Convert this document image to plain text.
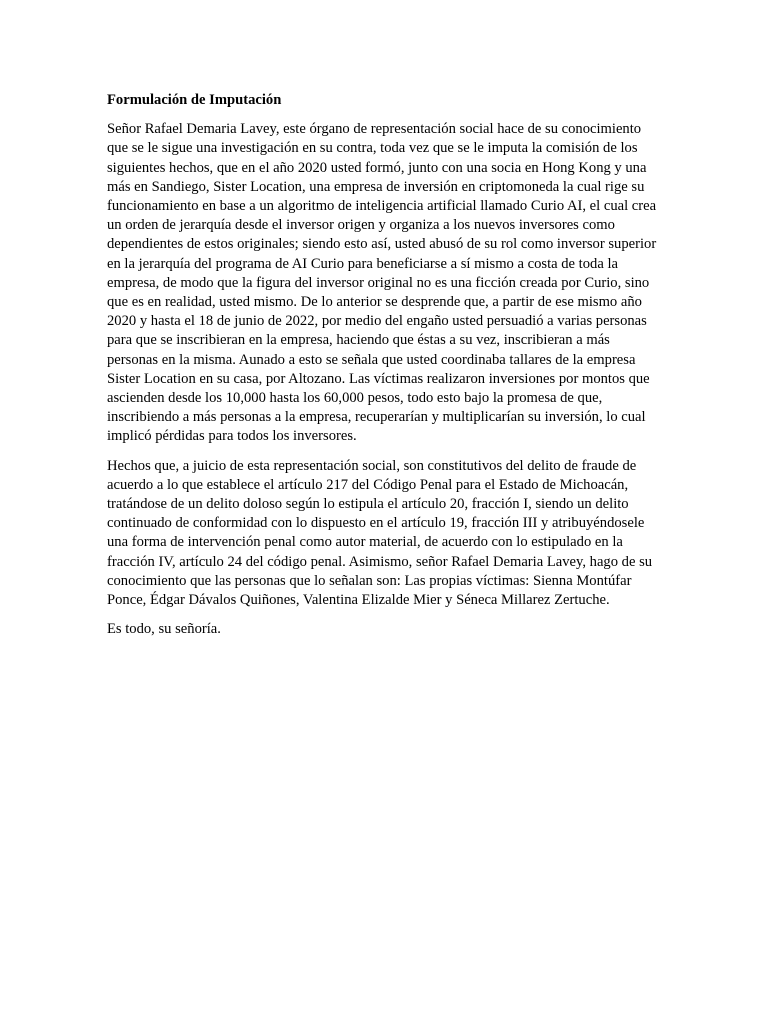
Formulación de Imputación

Señor Rafael Demaria Lavey, este órgano de representación social hace de su conocimiento que se le sigue una investigación en su contra, toda vez que se le imputa la comisión de los siguientes hechos, que en el año 2020 usted formó, junto con una socia en Hong Kong y una más en Sandiego, Sister Location, una empresa de inversión en criptomoneda la cual rige su funcionamiento en base a un algoritmo de inteligencia artificial llamado Curio AI, el cual crea un orden de jerarquía desde el inversor origen y organiza a los nuevos inversores como dependientes de estos originales; siendo esto así, usted abusó de su rol como inversor superior en la jerarquía del programa de AI Curio para beneficiarse a sí mismo a costa de toda la empresa, de modo que la figura del inversor original no es una ficción creada por Curio, sino que es en realidad, usted mismo. De lo anterior se desprende que, a partir de ese mismo año 2020 y hasta el 18 de junio de 2022, por medio del engaño usted persuadió a varias personas para que se inscribieran en la empresa, haciendo que éstas a su vez, inscribieran a más personas en la misma. Aunado a esto se señala que usted coordinaba tallares de la empresa Sister Location en su casa, por Altozano. Las víctimas realizaron inversiones por montos que ascienden desde los 10,000 hasta los 60,000 pesos, todo esto bajo la promesa de que, inscribiendo a más personas a la empresa, recuperarían y multiplicarían su inversión, lo cual implicó pérdidas para todos los inversores.

Hechos que, a juicio de esta representación social, son constitutivos del delito de fraude de acuerdo a lo que establece el artículo 217 del Código Penal para el Estado de Michoacán, tratándose de un delito doloso según lo estipula el artículo 20, fracción I, siendo un delito continuado de conformidad con lo dispuesto en el artículo 19, fracción III y atribuyéndosele una forma de intervención penal como autor material, de acuerdo con lo estipulado en la fracción IV, artículo 24 del código penal. Asimismo, señor Rafael Demaria Lavey, hago de su conocimiento que las personas que lo señalan son: Las propias víctimas: Sienna Montúfar Ponce, Édgar Dávalos Quiñones, Valentina Elizalde Mier y Séneca Millarez Zertuche.

Es todo, su señoría.
